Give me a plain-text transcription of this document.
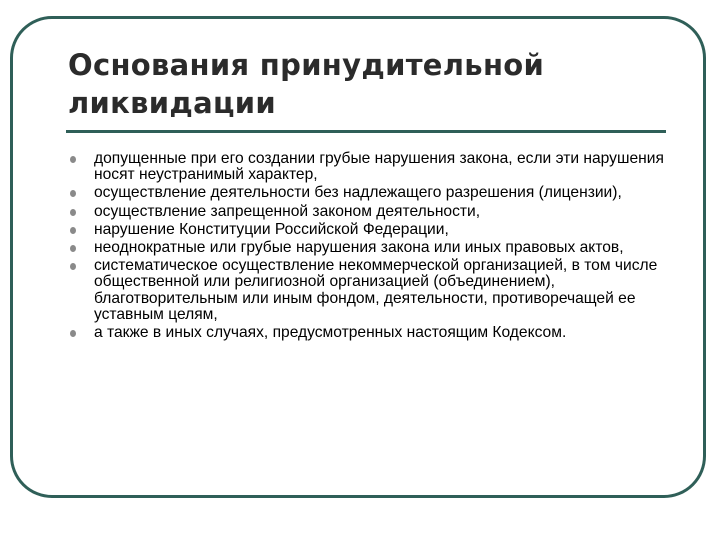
Основания принудительной ликвидации
допущенные при его создании грубые нарушения закона, если эти нарушения носят неустранимый характер,
осуществление деятельности без надлежащего разрешения (лицензии),
осуществление запрещенной законом деятельности,
нарушение Конституции Российской Федерации,
неоднократные или грубые нарушения закона или иных правовых актов,
систематическое осуществление некоммерческой организацией, в том числе общественной или религиозной организацией (объединением), благотворительным или иным фондом, деятельности, противоречащей ее уставным целям,
а также в иных случаях, предусмотренных настоящим Кодексом.
